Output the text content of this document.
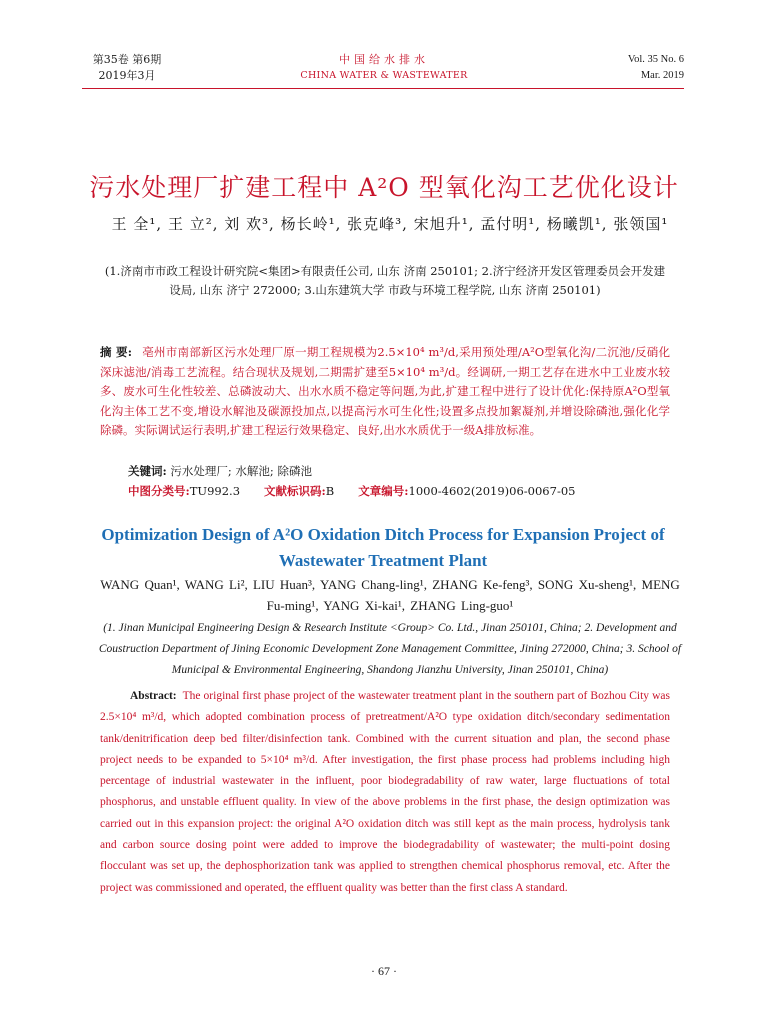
第35卷 第6期
2019年3月
中国给水排水
CHINA WATER & WASTEWATER
Vol. 35 No. 6
Mar. 2019
污水处理厂扩建工程中 A²O 型氧化沟工艺优化设计
王 全¹, 王 立², 刘 欢³, 杨长岭¹, 张克峰³, 宋旭升¹, 孟付明¹, 杨曦凯¹, 张领国¹
(1.济南市市政工程设计研究院<集团>有限责任公司, 山东 济南 250101; 2.济宁经济开发区管理委员会开发建设局, 山东 济宁 272000; 3.山东建筑大学 市政与环境工程学院, 山东 济南 250101)
摘 要: 亳州市南部新区污水处理厂原一期工程规模为2.5×10⁴ m³/d,采用预处理/A²O型氧化沟/二沉池/反硝化深床滤池/消毒工艺流程。结合现状及规划,二期需扩建至5×10⁴ m³/d。经调研,一期工艺存在进水中工业废水较多、废水可生化性较差、总磷波动大、出水水质不稳定等问题,为此,扩建工程中进行了设计优化:保持原A²O型氧化沟主体工艺不变,增设水解池及碳源投加点,以提高污水可生化性;设置多点投加絮凝剂,并增设除磷池,强化化学除磷。实际调试运行表明,扩建工程运行效果稳定、良好,出水水质优于一级A排放标准。
关键词: 污水处理厂; 水解池; 除磷池
中图分类号:TU992.3 文献标识码:B 文章编号:1000-4602(2019)06-0067-05
Optimization Design of A²O Oxidation Ditch Process for Expansion Project of Wastewater Treatment Plant
WANG Quan¹, WANG Li², LIU Huan³, YANG Chang-ling¹, ZHANG Ke-feng³, SONG Xu-sheng¹, MENG Fu-ming¹, YANG Xi-kai¹, ZHANG Ling-guo¹
(1. Jinan Municipal Engineering Design & Research Institute <Group> Co. Ltd., Jinan 250101, China; 2. Development and Coustruction Department of Jining Economic Development Zone Management Committee, Jining 272000, China; 3. School of Municipal & Environmental Engineering, Shandong Jianzhu University, Jinan 250101, China)
Abstract: The original first phase project of the wastewater treatment plant in the southern part of Bozhou City was 2.5×10⁴ m³/d, which adopted combination process of pretreatment/A²O type oxidation ditch/secondary sedimentation tank/denitrification deep bed filter/disinfection tank. Combined with the current situation and plan, the second phase project needs to be expanded to 5×10⁴ m³/d. After investigation, the first phase process had problems including high percentage of industrial wastewater in the influent, poor biodegradability of raw water, large fluctuations of total phosphorus, and unstable effluent quality. In view of the above problems in the first phase, the design optimization was carried out in this expansion project: the original A²O oxidation ditch was still kept as the main process, hydrolysis tank and carbon source dosing point were added to improve the biodegradability of wastewater; the multi-point dosing flocculant was set up, the dephosphorization tank was applied to strengthen chemical phosphorus removal, etc. After the project was commissioned and operated, the effluent quality was better than the first class A standard.
· 67 ·
